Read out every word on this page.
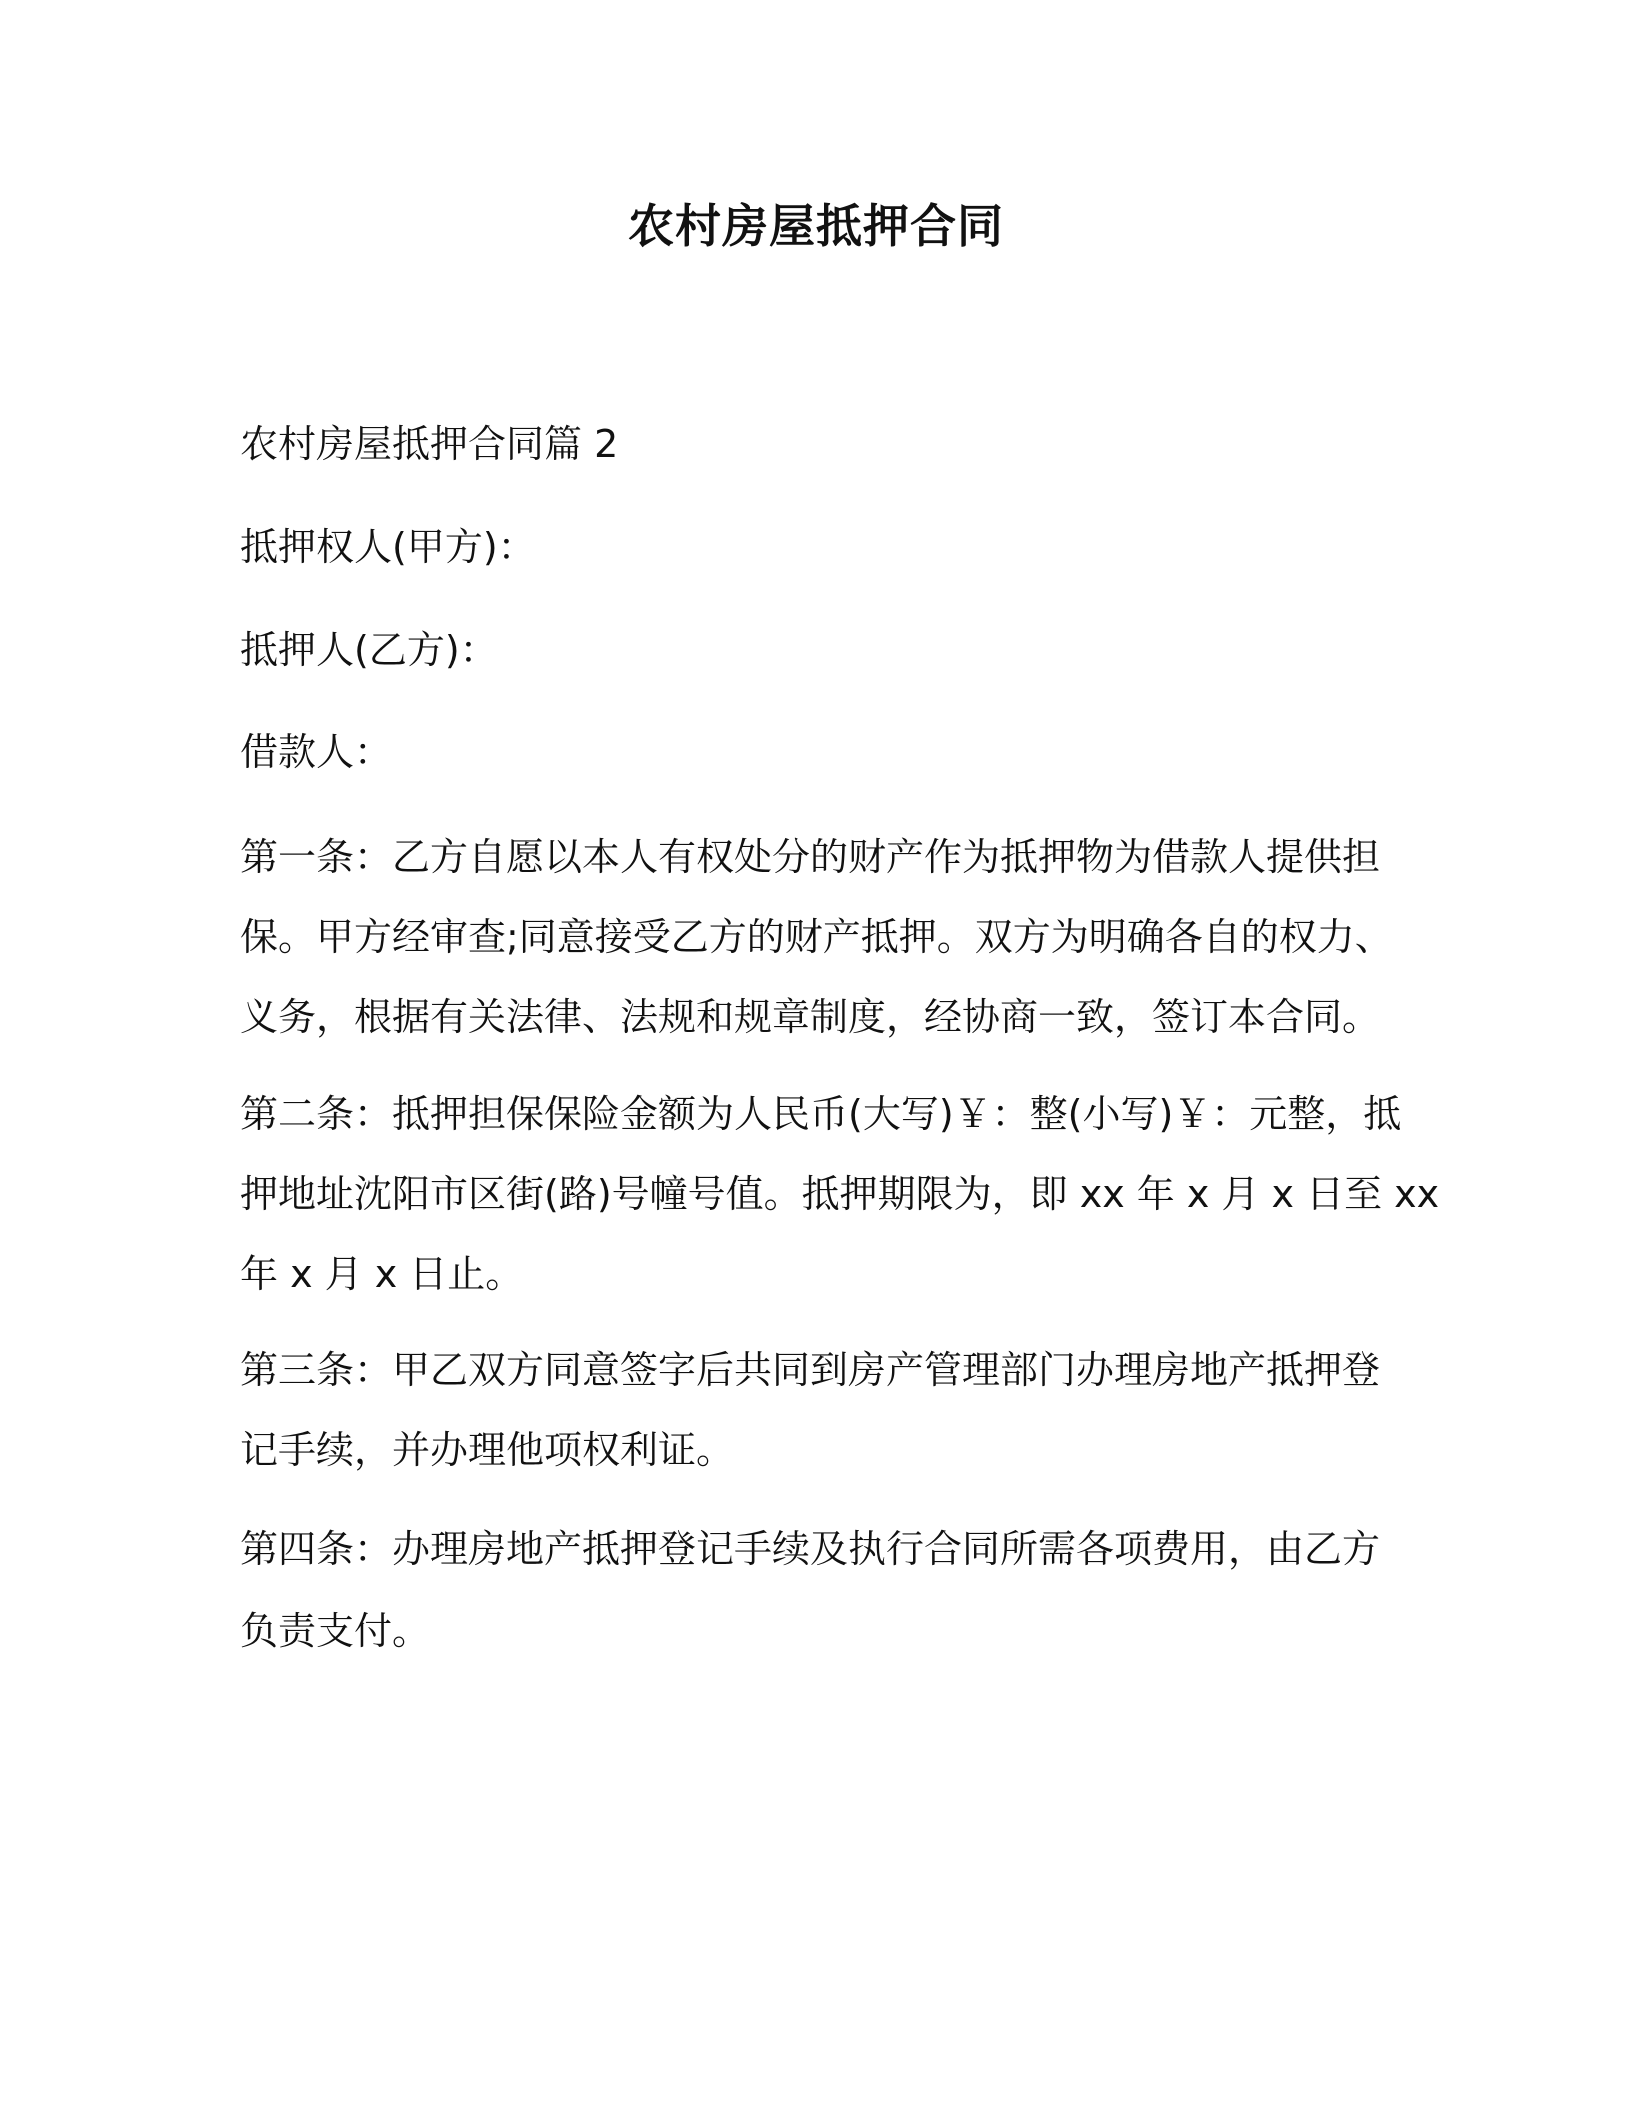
农村房屋抵押合同

农村房屋抵押合同篇 2

抵押权人(甲方)：

抵押人(乙方)：

借款人：

第一条：乙方自愿以本人有权处分的财产作为抵押物为借款人提供担
保。甲方经审查;同意接受乙方的财产抵押。双方为明确各自的权力、
义务，根据有关法律、法规和规章制度，经协商一致，签订本合同。
第二条：抵押担保保险金额为人民币(大写)￥：整(小写)￥：元整，抵
押地址沈阳市区街(路)号幢号值。抵押期限为，即 xx 年 x 月 x 日至 xx
年 x 月 x 日止。
第三条：甲乙双方同意签字后共同到房产管理部门办理房地产抵押登
记手续，并办理他项权利证。
第四条：办理房地产抵押登记手续及执行合同所需各项费用，由乙方
负责支付。
